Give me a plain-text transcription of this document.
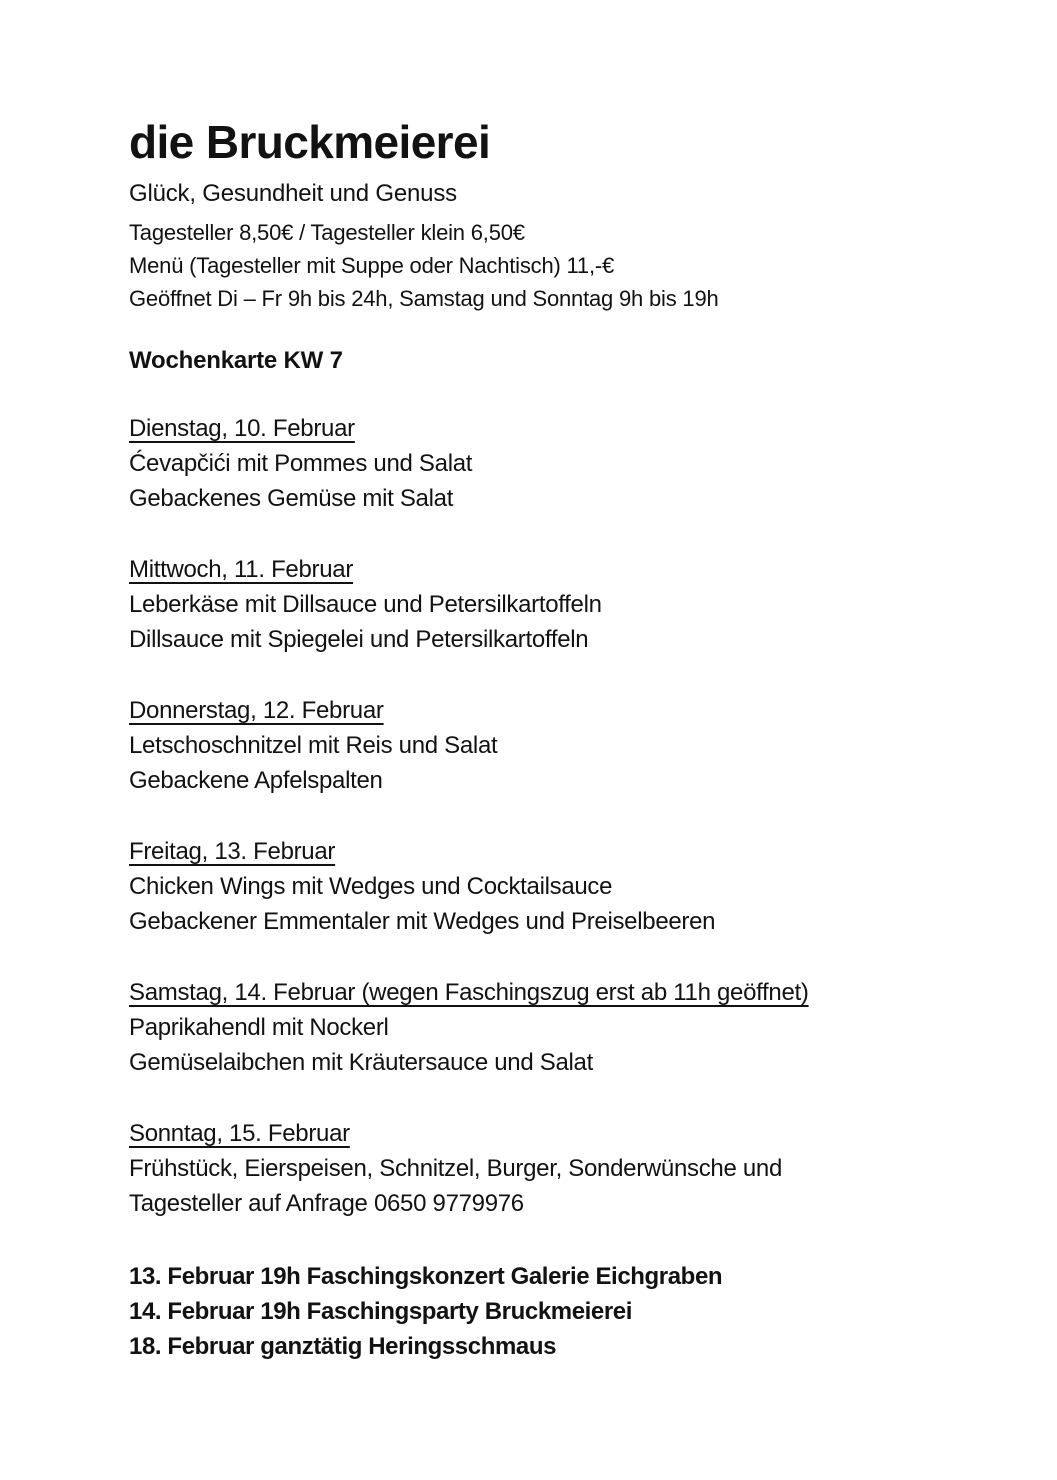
die Bruckmeierei

Glück, Gesundheit und Genuss

Tagesteller 8,50€ / Tagesteller klein 6,50€

Menü (Tagesteller mit Suppe oder Nachtisch) 11,-€

Geöffnet Di – Fr 9h bis 24h, Samstag und Sonntag 9h bis 19h

Wochenkarte KW 7

Dienstag, 10. Februar

Ćevapčići mit Pommes und Salat

Gebackenes Gemüse mit Salat

Mittwoch, 11. Februar

Leberkäse mit Dillsauce und Petersilkartoffeln

Dillsauce mit Spiegelei und Petersilkartoffeln

Donnerstag, 12. Februar

Letschoschnitzel mit Reis und Salat

Gebackene Apfelspalten

Freitag, 13. Februar

Chicken Wings mit Wedges und Cocktailsauce

Gebackener Emmentaler mit Wedges und Preiselbeeren

Samstag, 14. Februar (wegen Faschingszug erst ab 11h geöffnet)

Paprikahendl mit Nockerl

Gemüselaibchen mit Kräutersauce und Salat

Sonntag, 15. Februar

Frühstück, Eierspeisen, Schnitzel, Burger, Sonderwünsche und

Tagesteller auf Anfrage 0650 9779976

13. Februar 19h Faschingskonzert Galerie Eichgraben

14. Februar 19h Faschingsparty Bruckmeierei

18. Februar ganztätig Heringsschmaus
